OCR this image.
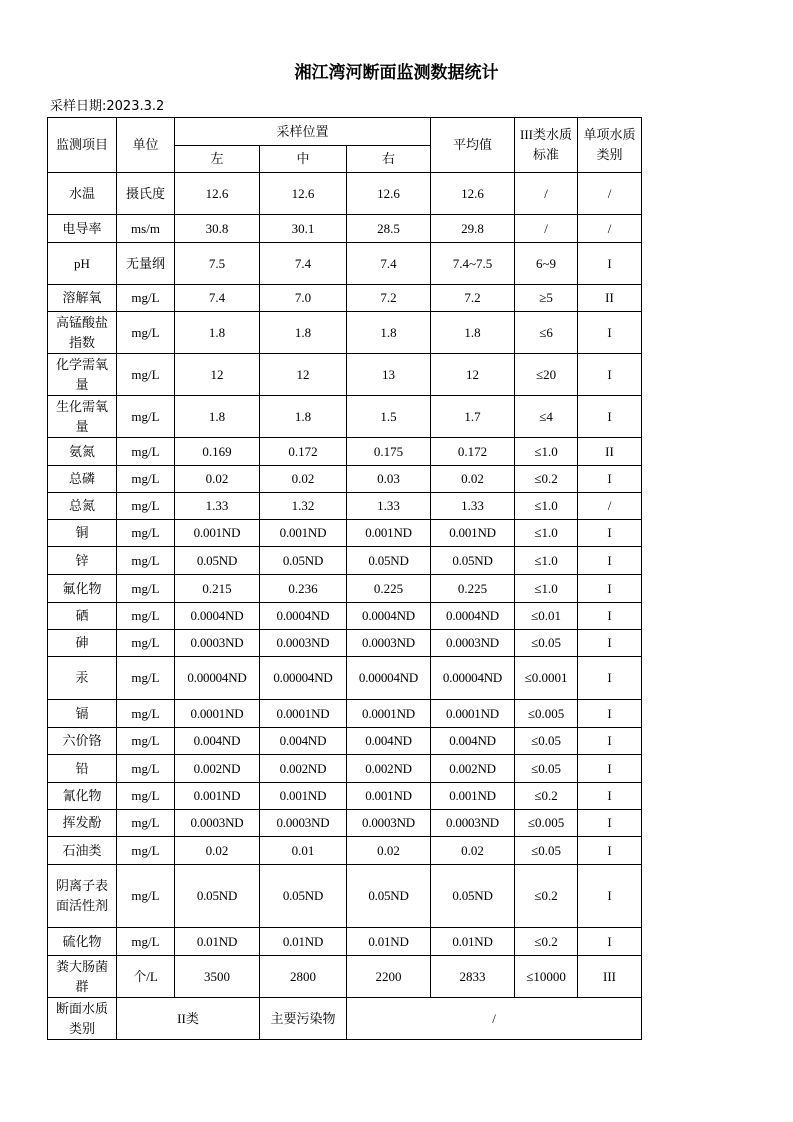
湘江湾河断面监测数据统计
采样日期:2023.3.2
监测项目	单位	采样位置			平均值	III类水质标准	单项水质类别
		左	中	右			
水温	摄氏度	12.6	12.6	12.6	12.6	/	/
电导率	ms/m	30.8	30.1	28.5	29.8	/	/
pH	无量纲	7.5	7.4	7.4	7.4~7.5	6~9	I
溶解氧	mg/L	7.4	7.0	7.2	7.2	≥5	II
高锰酸盐指数	mg/L	1.8	1.8	1.8	1.8	≤6	I
化学需氧量	mg/L	12	12	13	12	≤20	I
生化需氧量	mg/L	1.8	1.8	1.5	1.7	≤4	I
氨氮	mg/L	0.169	0.172	0.175	0.172	≤1.0	II
总磷	mg/L	0.02	0.02	0.03	0.02	≤0.2	I
总氮	mg/L	1.33	1.32	1.33	1.33	≤1.0	/
铜	mg/L	0.001ND	0.001ND	0.001ND	0.001ND	≤1.0	I
锌	mg/L	0.05ND	0.05ND	0.05ND	0.05ND	≤1.0	I
氟化物	mg/L	0.215	0.236	0.225	0.225	≤1.0	I
硒	mg/L	0.0004ND	0.0004ND	0.0004ND	0.0004ND	≤0.01	I
砷	mg/L	0.0003ND	0.0003ND	0.0003ND	0.0003ND	≤0.05	I
汞	mg/L	0.00004ND	0.00004ND	0.00004ND	0.00004ND	≤0.0001	I
镉	mg/L	0.0001ND	0.0001ND	0.0001ND	0.0001ND	≤0.005	I
六价铬	mg/L	0.004ND	0.004ND	0.004ND	0.004ND	≤0.05	I
铅	mg/L	0.002ND	0.002ND	0.002ND	0.002ND	≤0.05	I
氰化物	mg/L	0.001ND	0.001ND	0.001ND	0.001ND	≤0.2	I
挥发酚	mg/L	0.0003ND	0.0003ND	0.0003ND	0.0003ND	≤0.005	I
石油类	mg/L	0.02	0.01	0.02	0.02	≤0.05	I
阴离子表面活性剂	mg/L	0.05ND	0.05ND	0.05ND	0.05ND	≤0.2	I
硫化物	mg/L	0.01ND	0.01ND	0.01ND	0.01ND	≤0.2	I
粪大肠菌群	个/L	3500	2800	2200	2833	≤10000	III
断面水质类别	II类		主要污染物	/			
